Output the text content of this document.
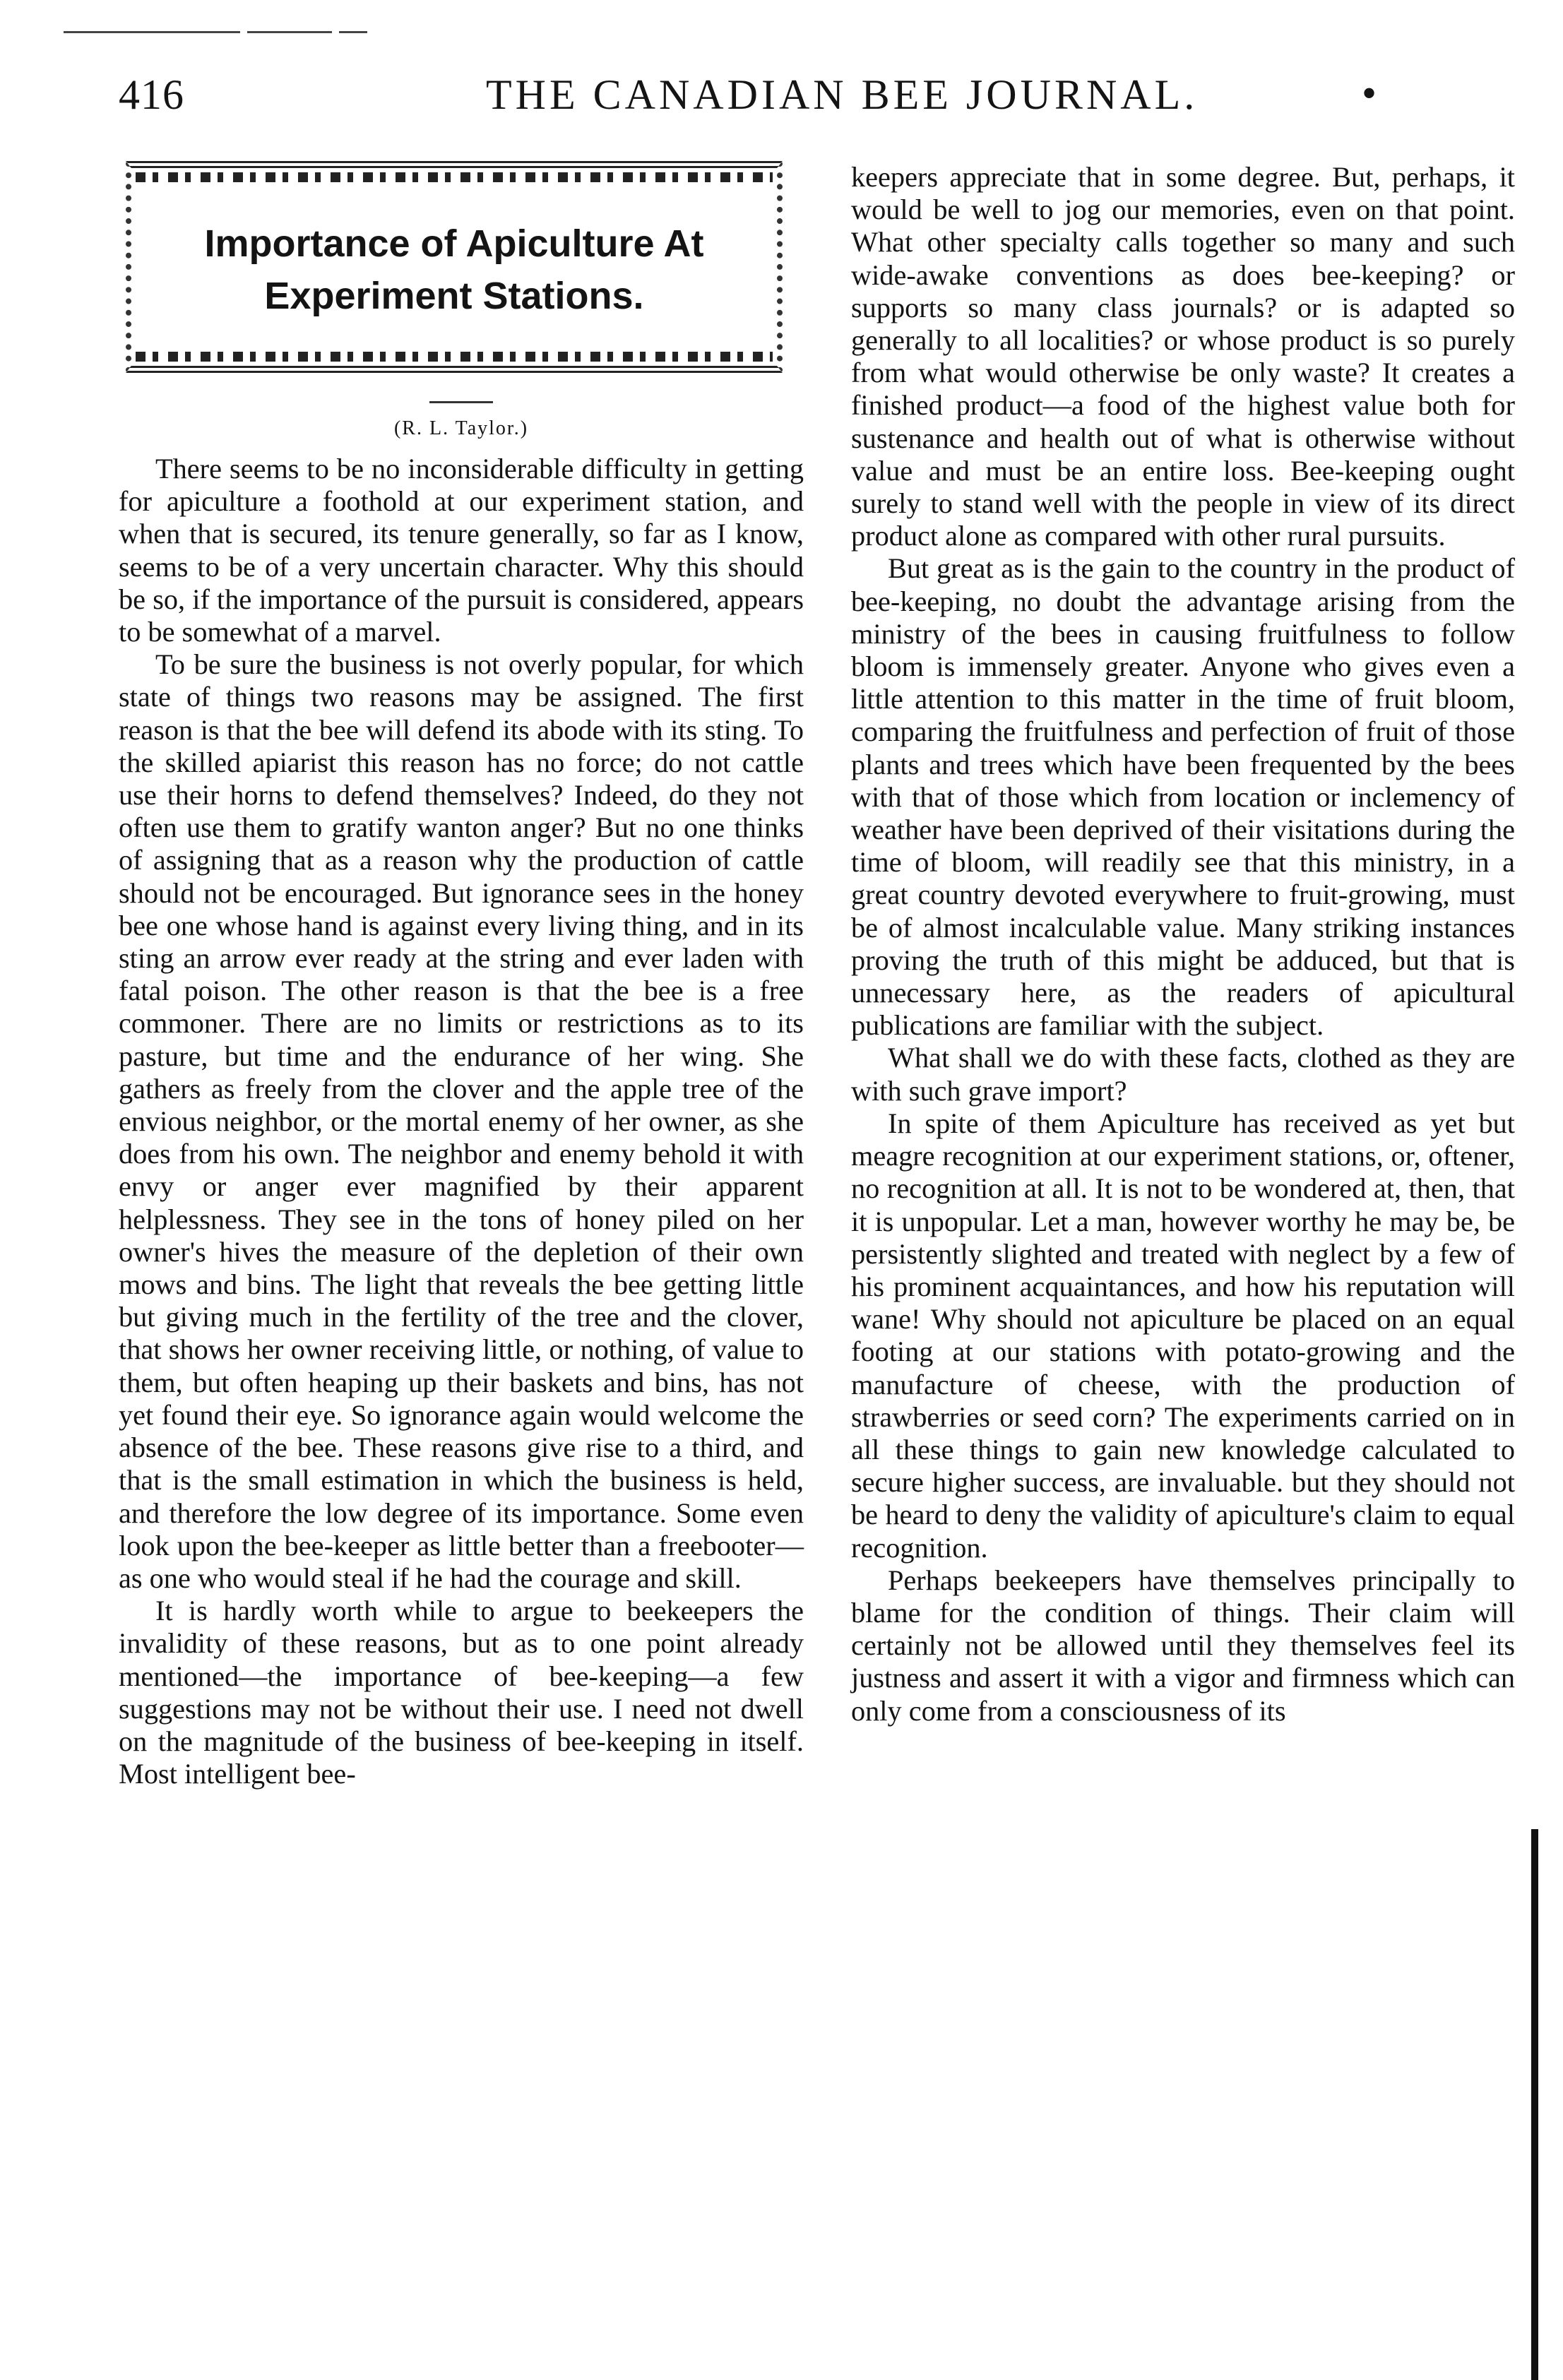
416	THE CANADIAN BEE JOURNAL.	•
Importance of Apiculture At
Experiment Stations.
(R. L. Taylor.)

There seems to be no inconsiderable difficulty in getting for apiculture a foothold at our experiment station, and when that is secured, its tenure generally, so far as I know, seems to be of a very uncertain character. Why this should be so, if the importance of the pursuit is considered, appears to be somewhat of a marvel.

To be sure the business is not overly popular, for which state of things two reasons may be assigned. The first reason is that the bee will defend its abode with its sting. To the skilled apiarist this reason has no force; do not cattle use their horns to defend themselves? Indeed, do they not often use them to gratify wanton anger? But no one thinks of assigning that as a reason why the production of cattle should not be encouraged. But ignorance sees in the honey bee one whose hand is against every living thing, and in its sting an arrow ever ready at the string and ever laden with fatal poison. The other reason is that the bee is a free commoner. There are no limits or restrictions as to its pasture, but time and the endurance of her wing. She gathers as freely from the clover and the apple tree of the envious neighbor, or the mortal enemy of her owner, as she does from his own. The neighbor and enemy behold it with envy or anger ever magnified by their apparent helplessness. They see in the tons of honey piled on her owner's hives the measure of the depletion of their own mows and bins. The light that reveals the bee getting little but giving much in the fertility of the tree and the clover, that shows her owner receiving little, or nothing, of value to them, but often heaping up their baskets and bins, has not yet found their eye. So ignorance again would welcome the absence of the bee. These reasons give rise to a third, and that is the small estimation in which the business is held, and therefore the low degree of its importance. Some even look upon the bee-keeper as little better than a freebooter—as one who would steal if he had the courage and skill.

It is hardly worth while to argue to beekeepers the invalidity of these reasons, but as to one point already mentioned—the importance of bee-keeping—a few suggestions may not be without their use. I need not dwell on the magnitude of the business of bee-keeping in itself. Most intelligent bee-

keepers appreciate that in some degree. But, perhaps, it would be well to jog our memories, even on that point. What other specialty calls together so many and such wide-awake conventions as does bee-keeping? or supports so many class journals? or is adapted so generally to all localities? or whose product is so purely from what would otherwise be only waste? It creates a finished product—a food of the highest value both for sustenance and health out of what is otherwise without value and must be an entire loss. Bee-keeping ought surely to stand well with the people in view of its direct product alone as compared with other rural pursuits.

But great as is the gain to the country in the product of bee-keeping, no doubt the advantage arising from the ministry of the bees in causing fruitfulness to follow bloom is immensely greater. Anyone who gives even a little attention to this matter in the time of fruit bloom, comparing the fruitfulness and perfection of fruit of those plants and trees which have been frequented by the bees with that of those which from location or inclemency of weather have been deprived of their visitations during the time of bloom, will readily see that this ministry, in a great country devoted everywhere to fruit-growing, must be of almost incalculable value. Many striking instances proving the truth of this might be adduced, but that is unnecessary here, as the readers of apicultural publications are familiar with the subject.

What shall we do with these facts, clothed as they are with such grave import?

In spite of them Apiculture has received as yet but meagre recognition at our experiment stations, or, oftener, no recognition at all. It is not to be wondered at, then, that it is unpopular. Let a man, however worthy he may be, be persistently slighted and treated with neglect by a few of his prominent acquaintances, and how his reputation will wane! Why should not apiculture be placed on an equal footing at our stations with potato-growing and the manufacture of cheese, with the production of strawberries or seed corn? The experiments carried on in all these things to gain new knowledge calculated to secure higher success, are invaluable. but they should not be heard to deny the validity of apiculture's claim to equal recognition.

Perhaps beekeepers have themselves principally to blame for the condition of things. Their claim will certainly not be allowed until they themselves feel its justness and assert it with a vigor and firmness which can only come from a consciousness of its
